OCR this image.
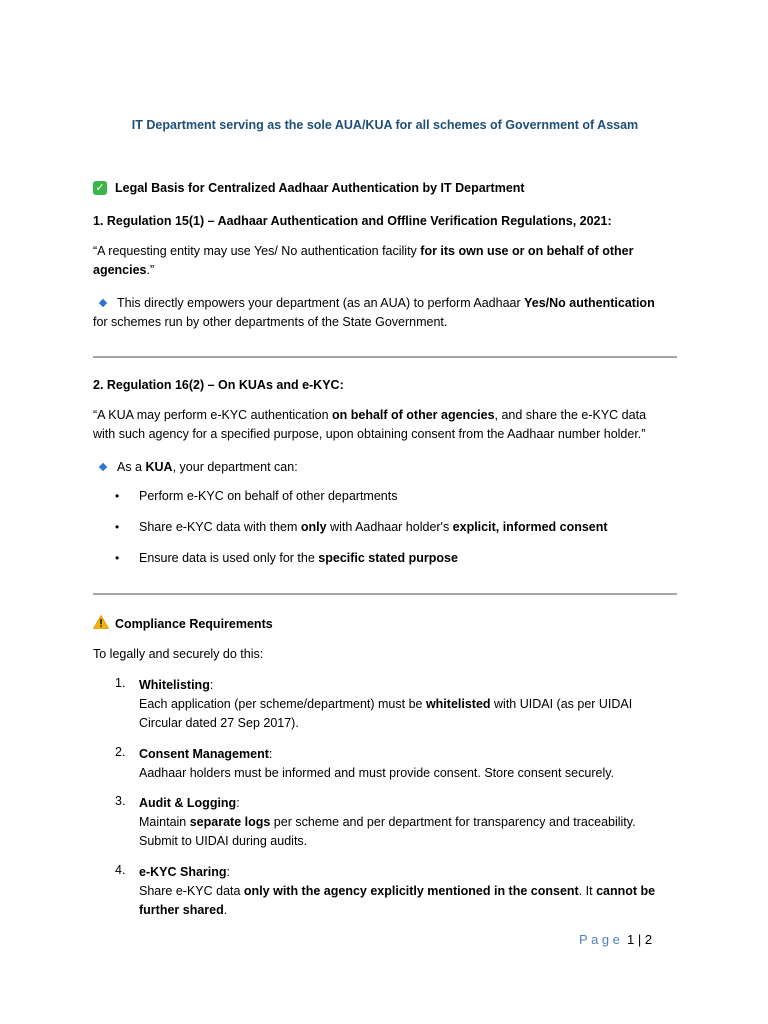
IT Department serving as the sole AUA/KUA for all schemes of Government of Assam
✓ Legal Basis for Centralized Aadhaar Authentication by IT Department
1. Regulation 15(1) – Aadhaar Authentication and Offline Verification Regulations, 2021:
“A requesting entity may use Yes/ No authentication facility for its own use or on behalf of other agencies.”
This directly empowers your department (as an AUA) to perform Aadhaar Yes/No authentication
for schemes run by other departments of the State Government.
2. Regulation 16(2) – On KUAs and e-KYC:
“A KUA may perform e-KYC authentication on behalf of other agencies, and share the e-KYC data
with such agency for a specified purpose, upon obtaining consent from the Aadhaar number holder.”
As a KUA, your department can:
•	Perform e-KYC on behalf of other departments
•	Share e-KYC data with them only with Aadhaar holder's explicit, informed consent
•	Ensure data is used only for the specific stated purpose
Compliance Requirements
To legally and securely do this:
1.	Whitelisting:
Each application (per scheme/department) must be whitelisted with UIDAI (as per UIDAI
Circular dated 27 Sep 2017).
2.	Consent Management:
Aadhaar holders must be informed and must provide consent. Store consent securely.
3.	Audit & Logging:
Maintain separate logs per scheme and per department for transparency and traceability.
Submit to UIDAI during audits.
4.	e-KYC Sharing:
Share e-KYC data only with the agency explicitly mentioned in the consent. It cannot be
further shared.
Page 1 | 2
